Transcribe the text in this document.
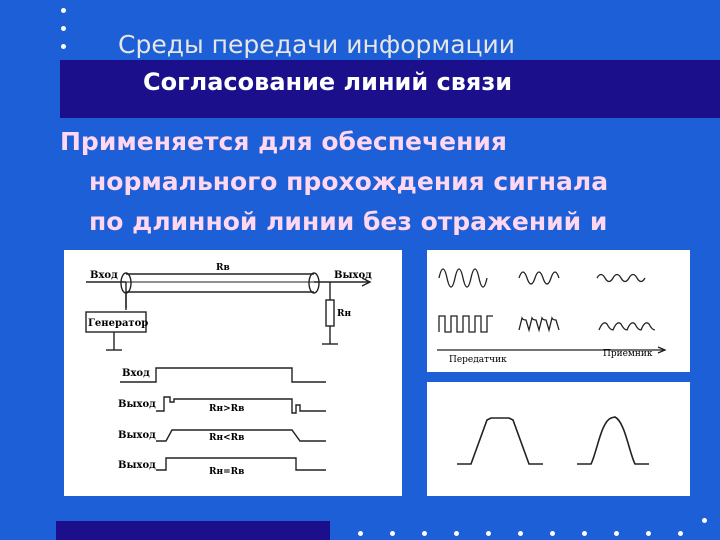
Среды передачи информации
Согласование линий связи
Применяется для обеспечения
нормального прохождения сигнала
по длинной линии без отражений и
Генератор
Вход	Выход
Rв
Rн
Вход
Выход	Rн>Rв
Выход	Rн<Rв
Выход
Rн=Rв
Передатчик
Приемник
